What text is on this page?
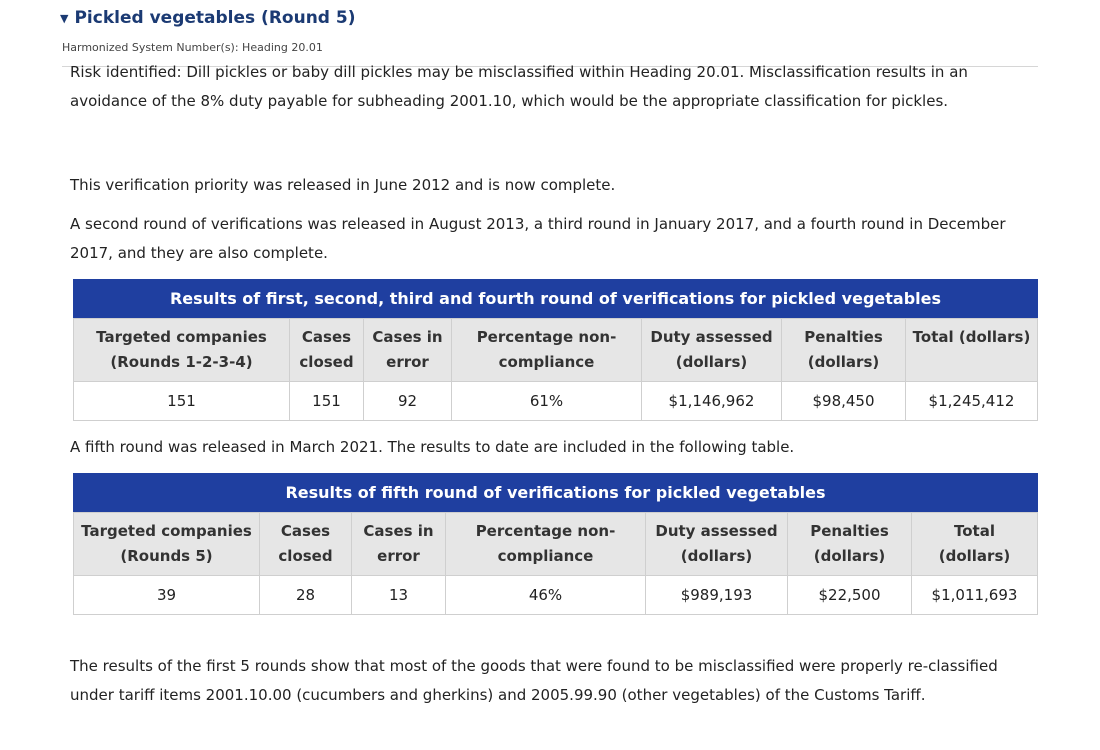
▼ Pickled vegetables (Round 5)
Harmonized System Number(s): Heading 20.01

Risk identified: Dill pickles or baby dill pickles may be misclassified within Heading 20.01. Misclassification results in an avoidance of the 8% duty payable for subheading 2001.10, which would be the appropriate classification for pickles.

This verification priority was released in June 2012 and is now complete.

A second round of verifications was released in August 2013, a third round in January 2017, and a fourth round in December 2017, and they are also complete.

Results of first, second, third and fourth round of verifications for pickled vegetables
Targeted companies (Rounds 1-2-3-4)	Cases closed	Cases in error	Percentage non-compliance	Duty assessed (dollars)	Penalties (dollars)	Total (dollars)
151	151	92	61%	$1,146,962	$98,450	$1,245,412

A fifth round was released in March 2021. The results to date are included in the following table.

Results of fifth round of verifications for pickled vegetables
Targeted companies (Rounds 5)	Cases closed	Cases in error	Percentage non-compliance	Duty assessed (dollars)	Penalties (dollars)	Total (dollars)
39	28	13	46%	$989,193	$22,500	$1,011,693

The results of the first 5 rounds show that most of the goods that were found to be misclassified were properly re-classified under tariff items 2001.10.00 (cucumbers and gherkins) and 2005.99.90 (other vegetables) of the Customs Tariff.
